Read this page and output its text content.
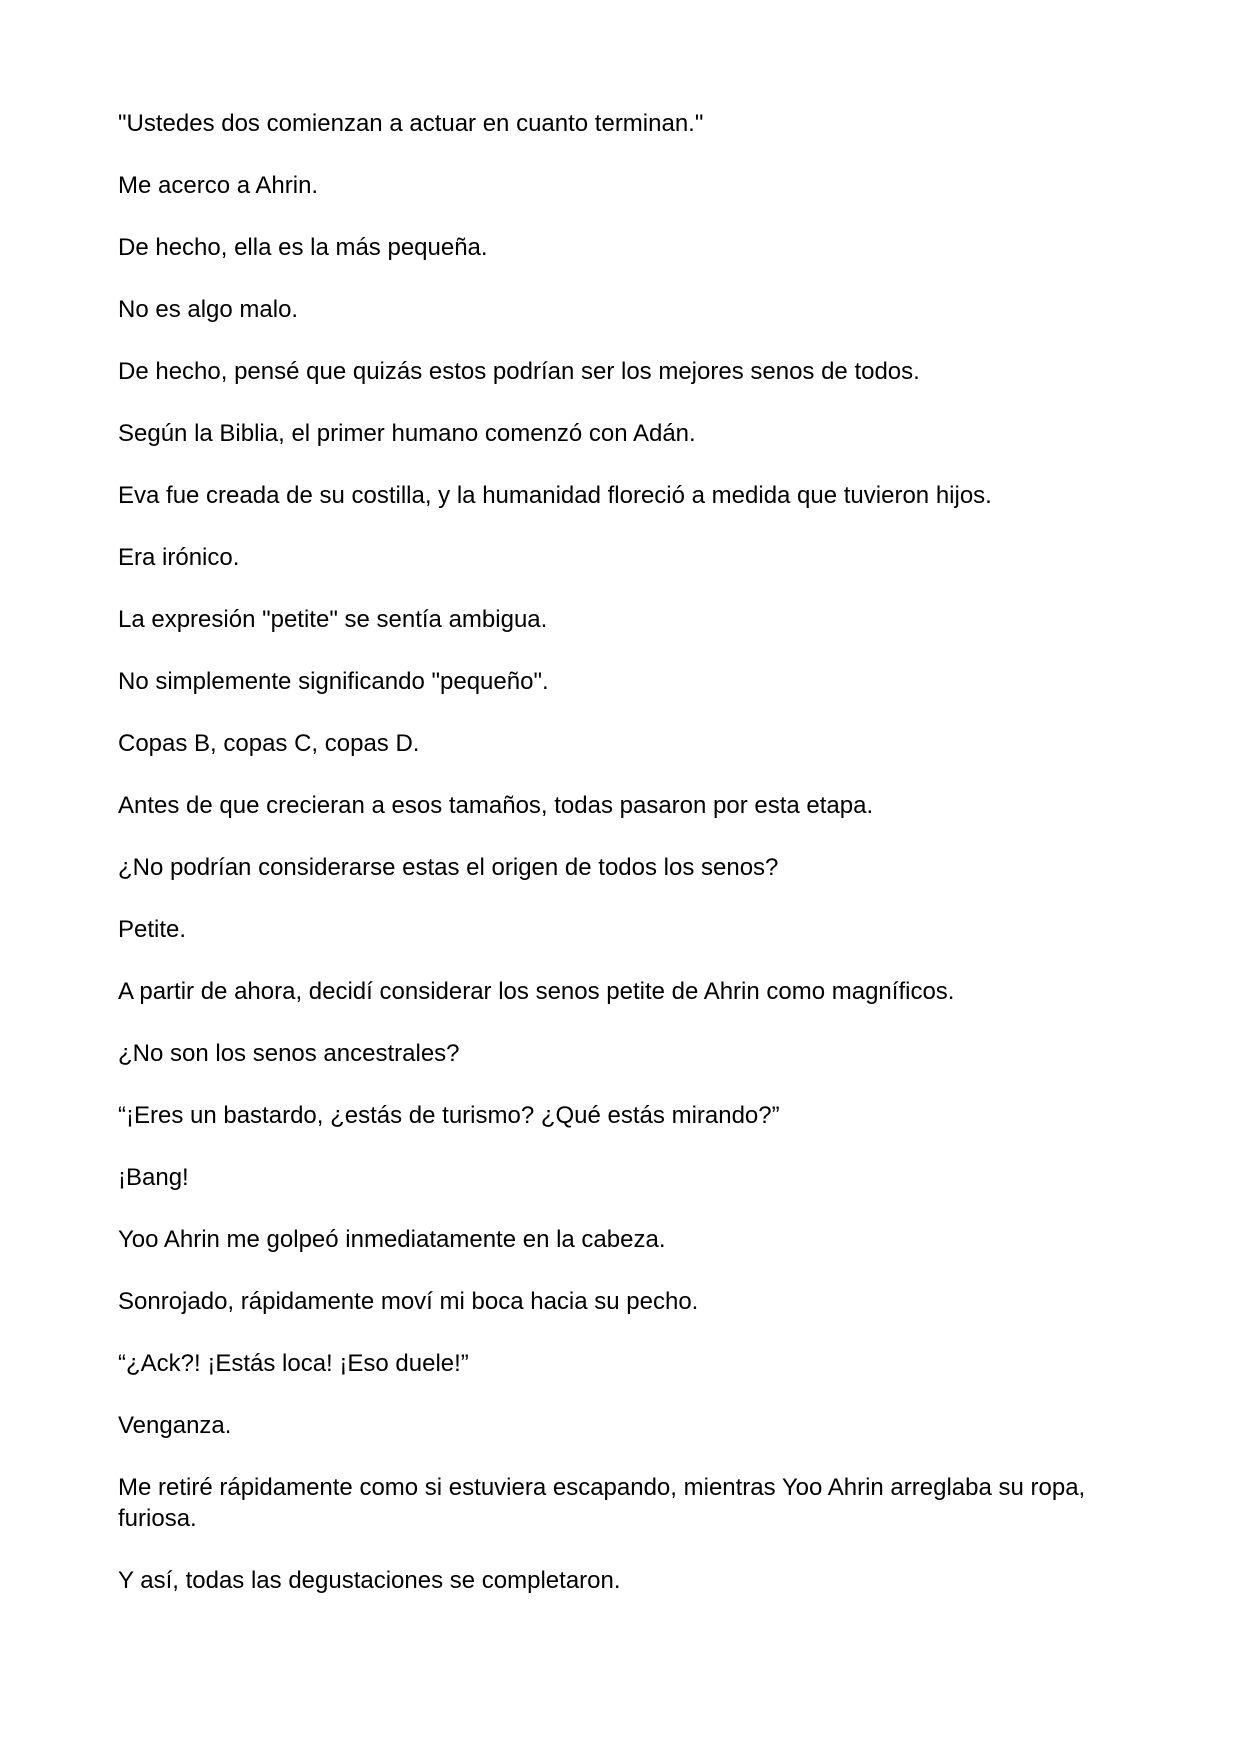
"Ustedes dos comienzan a actuar en cuanto terminan."

Me acerco a Ahrin.

De hecho, ella es la más pequeña.

No es algo malo.

De hecho, pensé que quizás estos podrían ser los mejores senos de todos.

Según la Biblia, el primer humano comenzó con Adán.

Eva fue creada de su costilla, y la humanidad floreció a medida que tuvieron hijos.

Era irónico.

La expresión "petite" se sentía ambigua.

No simplemente significando "pequeño".

Copas B, copas C, copas D.

Antes de que crecieran a esos tamaños, todas pasaron por esta etapa.

¿No podrían considerarse estas el origen de todos los senos?

Petite.

A partir de ahora, decidí considerar los senos petite de Ahrin como magníficos.

¿No son los senos ancestrales?

“¡Eres un bastardo, ¿estás de turismo? ¿Qué estás mirando?”

¡Bang!

Yoo Ahrin me golpeó inmediatamente en la cabeza.

Sonrojado, rápidamente moví mi boca hacia su pecho.

“¿Ack?! ¡Estás loca! ¡Eso duele!”

Venganza.

Me retiré rápidamente como si estuviera escapando, mientras Yoo Ahrin arreglaba su ropa, furiosa.

Y así, todas las degustaciones se completaron.
